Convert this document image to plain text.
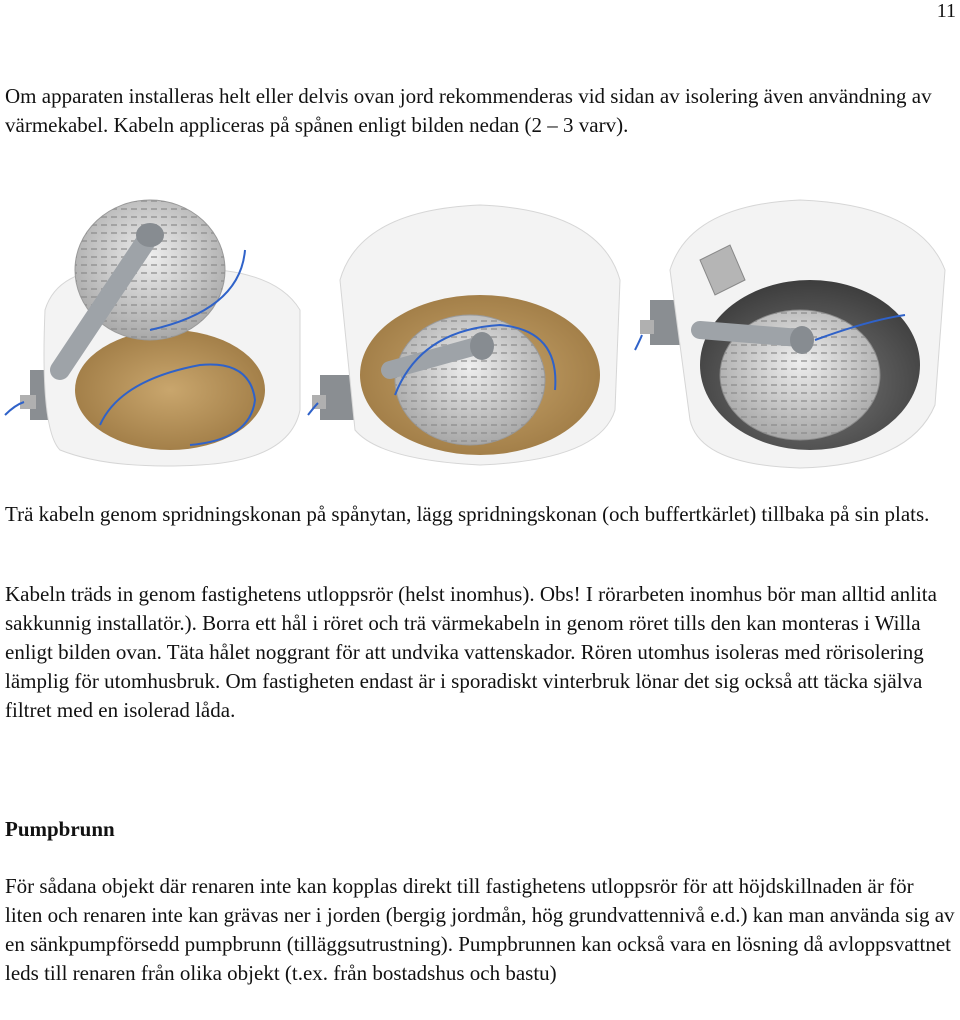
11

Om apparaten installeras helt eller delvis ovan jord rekommenderas vid sidan av isolering även användning av värmekabel. Kabeln appliceras på spånen enligt bilden nedan (2 – 3 varv).

Trä kabeln genom spridningskonan på spånytan, lägg spridningskonan (och buffertkärlet) tillbaka på sin plats.

Kabeln träds in genom fastighetens utloppsrör (helst inomhus). Obs! I rörarbeten inomhus bör man alltid anlita sakkunnig installatör.). Borra ett hål i röret och trä värmekabeln in genom röret tills den kan monteras i Willa enligt bilden ovan. Täta hålet noggrant för att undvika vattenskador. Rören utomhus isoleras med rörisolering lämplig för utomhusbruk. Om fastigheten endast är i sporadiskt vinterbruk lönar det sig också att täcka själva filtret med en isolerad låda.

Pumpbrunn

För sådana objekt där renaren inte kan kopplas direkt till fastighetens utloppsrör för att höjdskillnaden är för liten och renaren inte kan grävas ner i jorden (bergig jordmån, hög grundvattennivå e.d.) kan man använda sig av en sänkpumpförsedd pumpbrunn (tilläggsutrustning). Pumpbrunnen kan också vara en lösning då avloppsvattnet leds till renaren från olika objekt (t.ex. från bostadshus och bastu)
